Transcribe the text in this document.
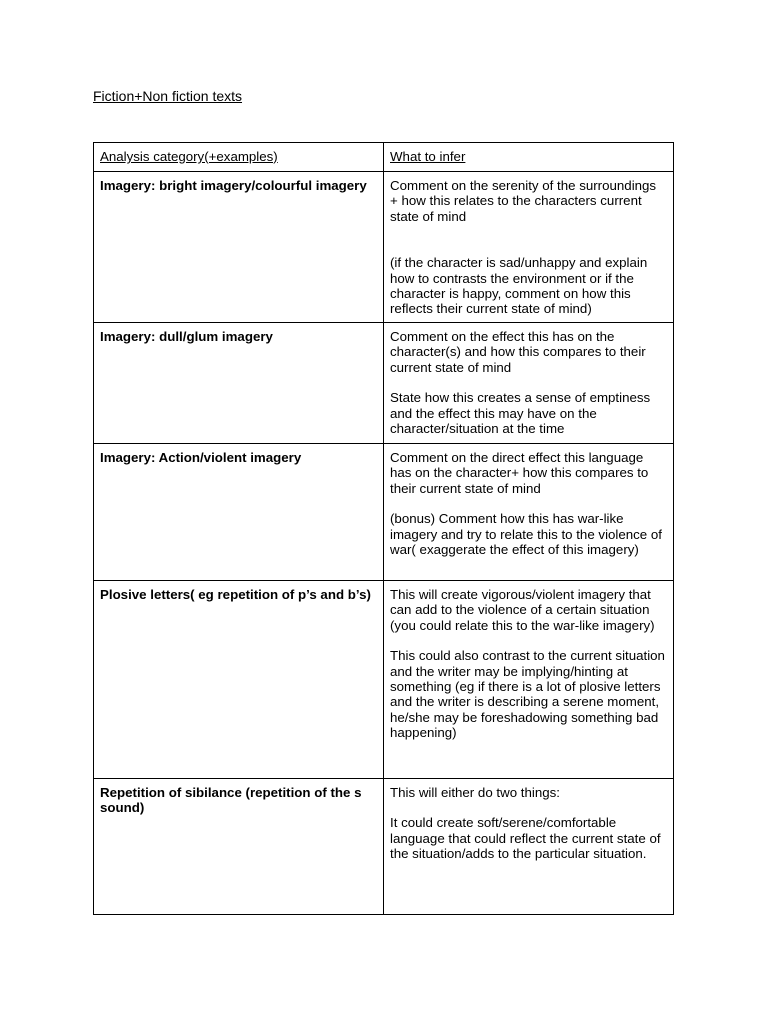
Fiction+Non fiction texts
Analysis category(+examples)	What to infer
Imagery: bright imagery/colourful imagery	Comment on the serenity of the surroundings + how this relates to the characters current state of mind
(if the character is sad/unhappy and explain how to contrasts the environment or if the character is happy, comment on how this reflects their current state of mind)

Imagery: dull/glum imagery	Comment on the effect this has on the character(s) and how this compares to their current state of mind
State how this creates a sense of emptiness and the effect this may have on the character/situation at the time

Imagery: Action/violent imagery	Comment on the direct effect this language has on the character+ how this compares to their current state of mind
(bonus) Comment how this has war-like imagery and try to relate this to the violence of war( exaggerate the effect of this imagery)

Plosive letters( eg repetition of p’s and b’s)	This will create vigorous/violent imagery that can add to the violence of a certain situation (you could relate this to the war-like imagery)
This could also contrast to the current situation and the writer may be implying/hinting at something (eg if there is a lot of plosive letters and the writer is describing a serene moment, he/she may be foreshadowing something bad happening)

Repetition of sibilance (repetition of the s sound)	This will either do two things:
It could create soft/serene/comfortable language that could reflect the current state of the situation/adds to the particular situation.
